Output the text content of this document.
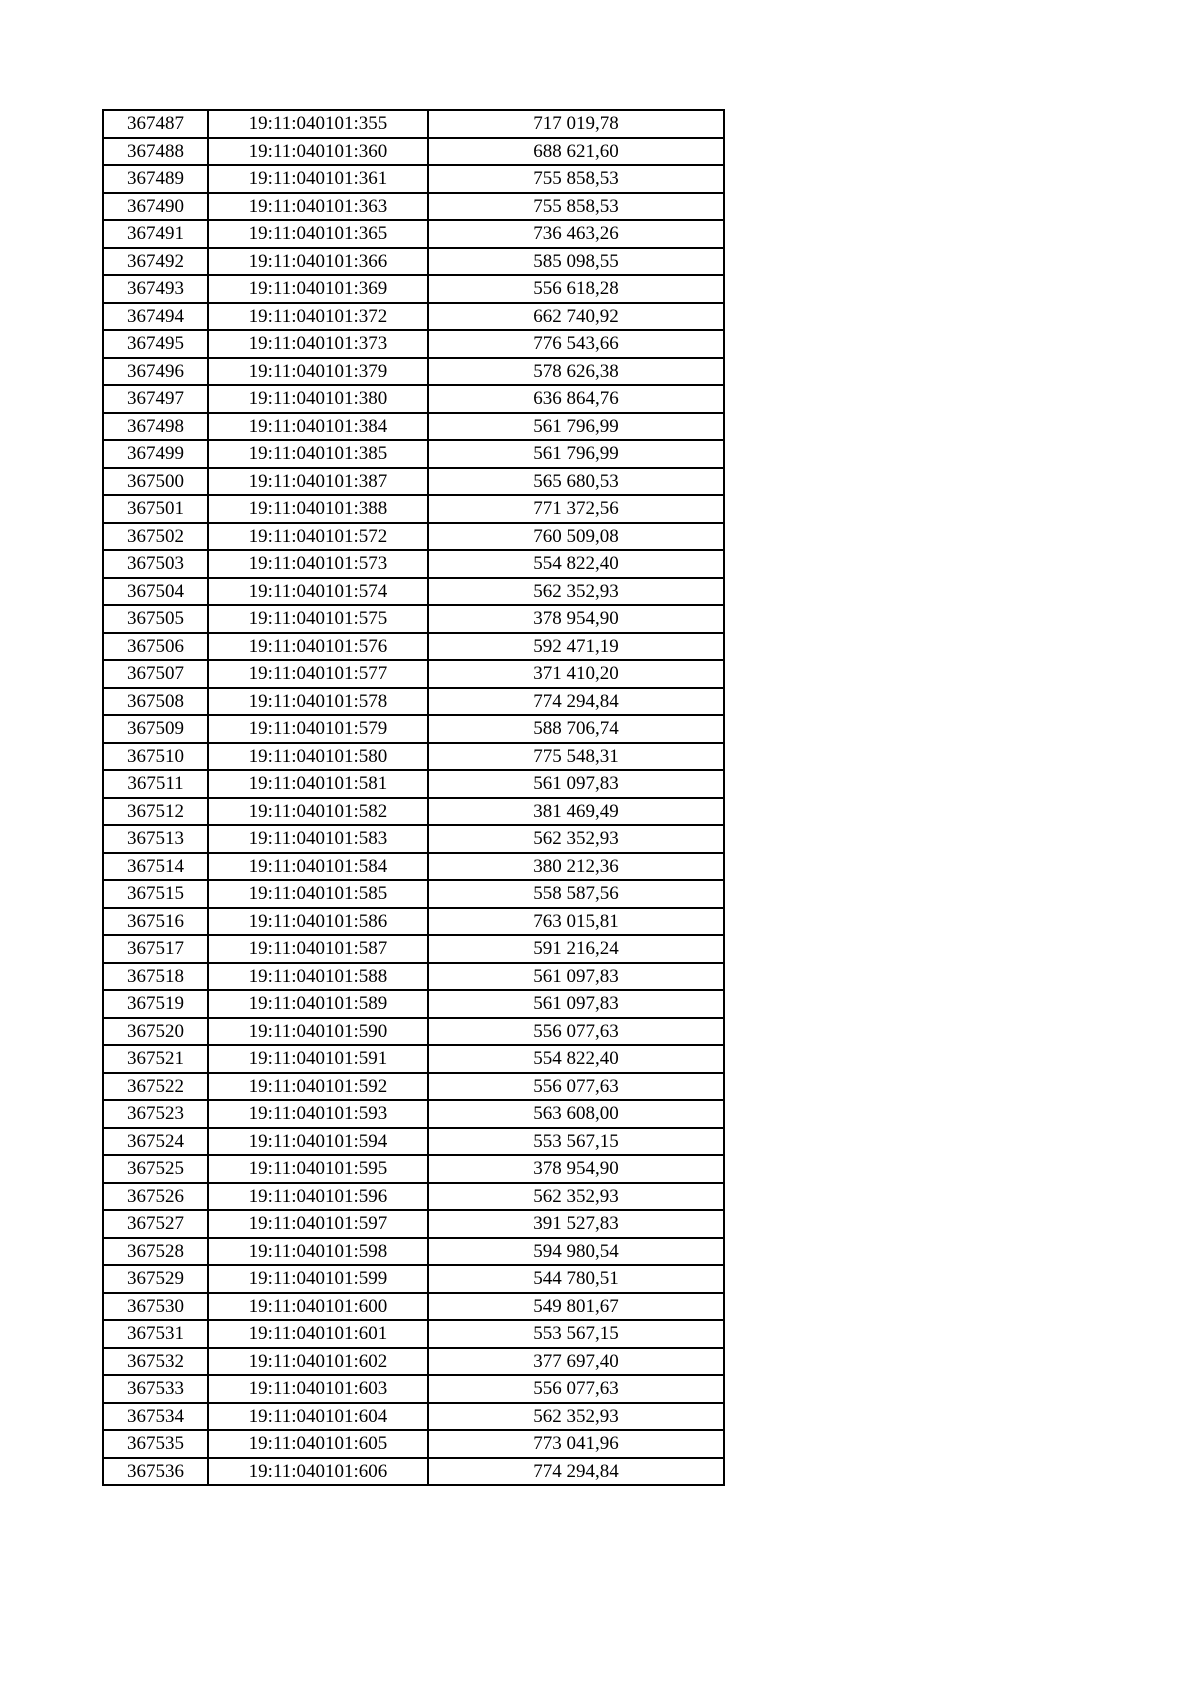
367487	19:11:040101:355	717 019,78
367488	19:11:040101:360	688 621,60
367489	19:11:040101:361	755 858,53
367490	19:11:040101:363	755 858,53
367491	19:11:040101:365	736 463,26
367492	19:11:040101:366	585 098,55
367493	19:11:040101:369	556 618,28
367494	19:11:040101:372	662 740,92
367495	19:11:040101:373	776 543,66
367496	19:11:040101:379	578 626,38
367497	19:11:040101:380	636 864,76
367498	19:11:040101:384	561 796,99
367499	19:11:040101:385	561 796,99
367500	19:11:040101:387	565 680,53
367501	19:11:040101:388	771 372,56
367502	19:11:040101:572	760 509,08
367503	19:11:040101:573	554 822,40
367504	19:11:040101:574	562 352,93
367505	19:11:040101:575	378 954,90
367506	19:11:040101:576	592 471,19
367507	19:11:040101:577	371 410,20
367508	19:11:040101:578	774 294,84
367509	19:11:040101:579	588 706,74
367510	19:11:040101:580	775 548,31
367511	19:11:040101:581	561 097,83
367512	19:11:040101:582	381 469,49
367513	19:11:040101:583	562 352,93
367514	19:11:040101:584	380 212,36
367515	19:11:040101:585	558 587,56
367516	19:11:040101:586	763 015,81
367517	19:11:040101:587	591 216,24
367518	19:11:040101:588	561 097,83
367519	19:11:040101:589	561 097,83
367520	19:11:040101:590	556 077,63
367521	19:11:040101:591	554 822,40
367522	19:11:040101:592	556 077,63
367523	19:11:040101:593	563 608,00
367524	19:11:040101:594	553 567,15
367525	19:11:040101:595	378 954,90
367526	19:11:040101:596	562 352,93
367527	19:11:040101:597	391 527,83
367528	19:11:040101:598	594 980,54
367529	19:11:040101:599	544 780,51
367530	19:11:040101:600	549 801,67
367531	19:11:040101:601	553 567,15
367532	19:11:040101:602	377 697,40
367533	19:11:040101:603	556 077,63
367534	19:11:040101:604	562 352,93
367535	19:11:040101:605	773 041,96
367536	19:11:040101:606	774 294,84
